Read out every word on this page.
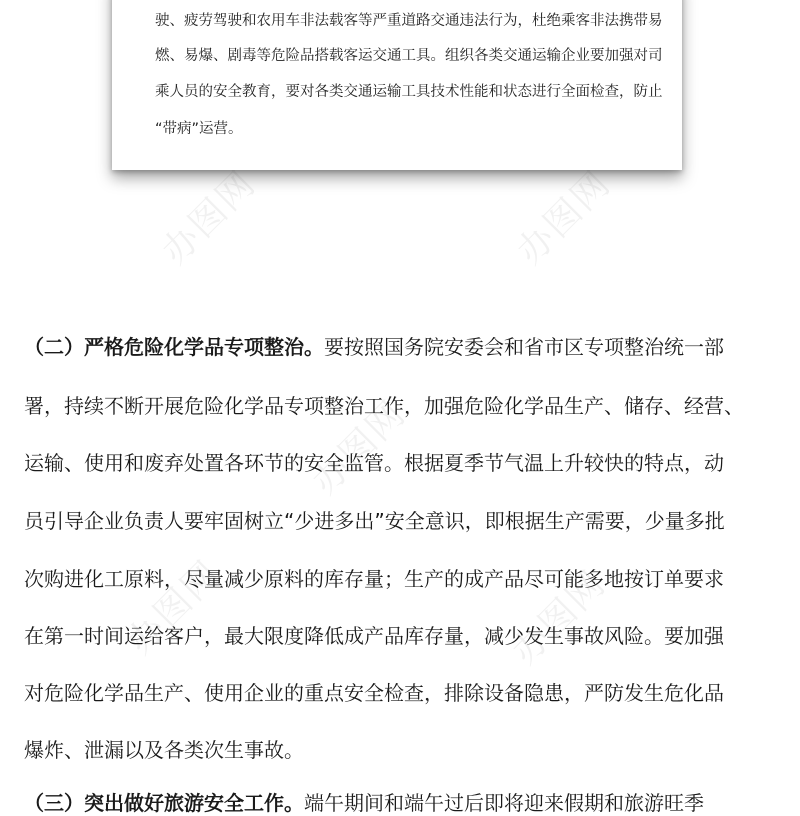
办图网	办图网
办图网
办图网	办图网

驶、疲劳驾驶和农用车非法载客等严重道路交通违法行为，杜绝乘客非法携带易

燃、易爆、剧毒等危险品搭载客运交通工具。组织各类交通运输企业要加强对司

乘人员的安全教育，要对各类交通运输工具技术性能和状态进行全面检查，防止

“带病”运营。

（二）严格危险化学品专项整治。要按照国务院安委会和省市区专项整治统一部

署，持续不断开展危险化学品专项整治工作，加强危险化学品生产、储存、经营、

运输、使用和废弃处置各环节的安全监管。根据夏季节气温上升较快的特点，动

员引导企业负责人要牢固树立“少进多出”安全意识，即根据生产需要，少量多批

次购进化工原料，尽量减少原料的库存量；生产的成产品尽可能多地按订单要求

在第一时间运给客户，最大限度降低成产品库存量，减少发生事故风险。要加强

对危险化学品生产、使用企业的重点安全检查，排除设备隐患，严防发生危化品

爆炸、泄漏以及各类次生事故。

（三）突出做好旅游安全工作。端午期间和端午过后即将迎来假期和旅游旺季
